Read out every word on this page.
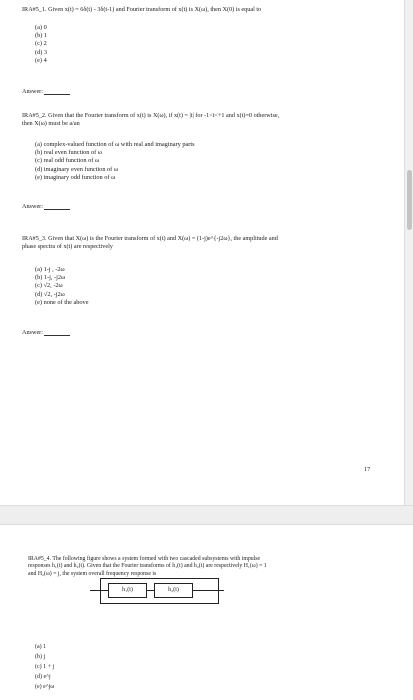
IRA#5_1. Given x(t) = 6δ(t) - 3δ(t-1) and Fourier transform of x(t) is X(ω), then X(0) is equal to
(a) 0
(b) 1
(c) 2
(d) 3
(e) 4
Answer:
IRA#5_2. Given that the Fourier transform of x(t) is X(ω), if x(t) = |t| for -1<t<+1 and x(t)=0 otherwise,
then X(ω) must be a/an
(a) complex-valued function of ω with real and imaginary parts
(b) real even function of ω
(c) real odd function of ω
(d) imaginary even function of ω
(e) imaginary odd function of ω
Answer:
IRA#5_3. Given that X(ω) is the Fourier transform of x(t) and X(ω) = (1-j)e^{-j2ω}, the amplitude and
phase spectra of x(t) are respectively
(a) 1-j , -2ω
(b) 1-j, -j2ω
(c) √2, -2ω
(d) √2, -j2ω
(e) none of the above
Answer:
17
IRA#5_4. The following figure shows a system formed with two cascaded subsystems with impulse
responses h₁(t) and h₂(t). Given that the Fourier transforms of h₁(t) and h₂(t) are respectively H₁(ω) = 1
and H₂(ω) = j, the system overall frequency response is
h₁(t)	h₂(t)
(a) 1
(b) j
(c) 1 + j
(d) e^j
(e) e^jω
